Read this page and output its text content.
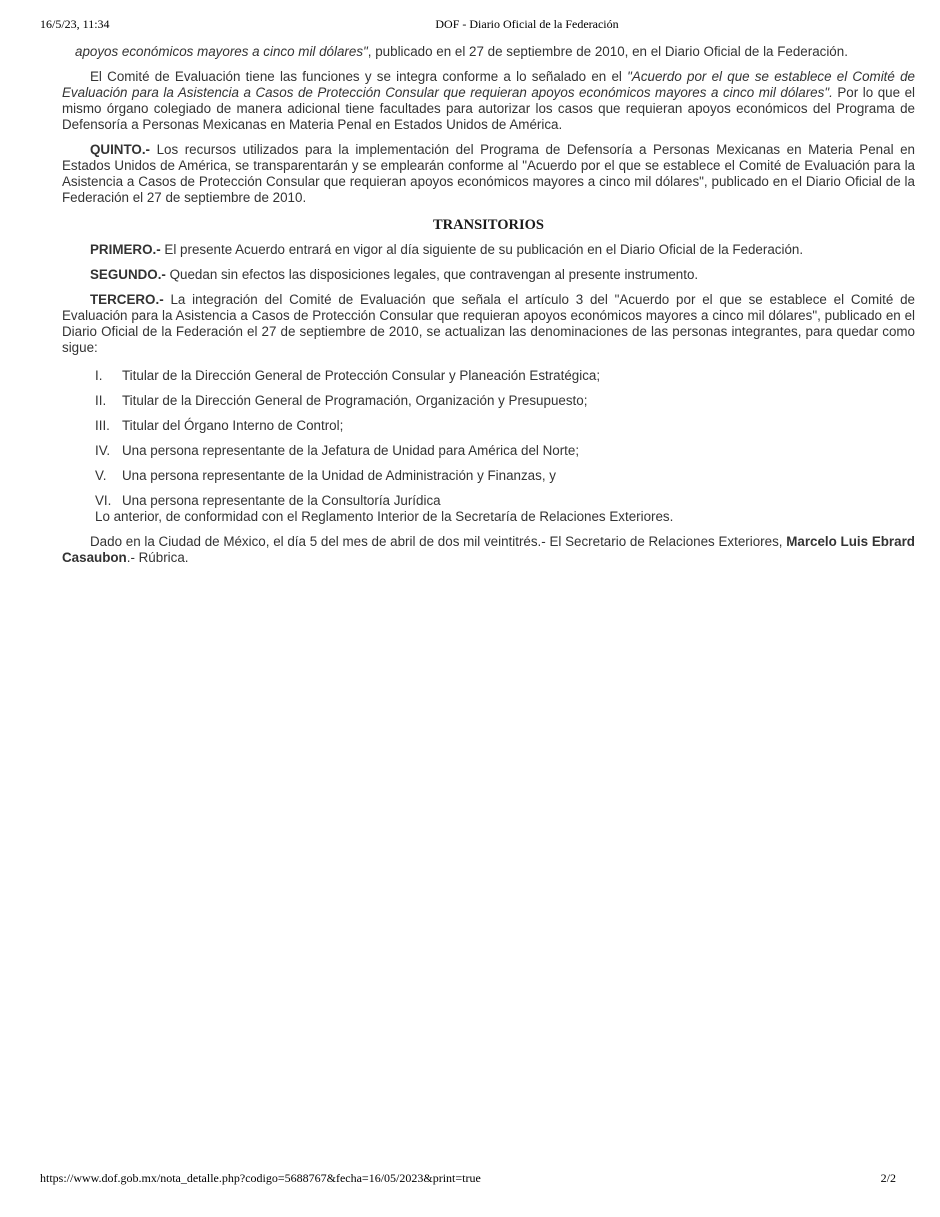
16/5/23, 11:34	DOF - Diario Oficial de la Federación

apoyos económicos mayores a cinco mil dólares", publicado en el 27 de septiembre de 2010, en el Diario Oficial de la Federación.

El Comité de Evaluación tiene las funciones y se integra conforme a lo señalado en el "Acuerdo por el que se establece el Comité de Evaluación para la Asistencia a Casos de Protección Consular que requieran apoyos económicos mayores a cinco mil dólares". Por lo que el mismo órgano colegiado de manera adicional tiene facultades para autorizar los casos que requieran apoyos económicos del Programa de Defensoría a Personas Mexicanas en Materia Penal en Estados Unidos de América.

QUINTO.- Los recursos utilizados para la implementación del Programa de Defensoría a Personas Mexicanas en Materia Penal en Estados Unidos de América, se transparentarán y se emplearán conforme al "Acuerdo por el que se establece el Comité de Evaluación para la Asistencia a Casos de Protección Consular que requieran apoyos económicos mayores a cinco mil dólares", publicado en el Diario Oficial de la Federación el 27 de septiembre de 2010.

TRANSITORIOS

PRIMERO.- El presente Acuerdo entrará en vigor al día siguiente de su publicación en el Diario Oficial de la Federación.

SEGUNDO.- Quedan sin efectos las disposiciones legales, que contravengan al presente instrumento.

TERCERO.- La integración del Comité de Evaluación que señala el artículo 3 del "Acuerdo por el que se establece el Comité de Evaluación para la Asistencia a Casos de Protección Consular que requieran apoyos económicos mayores a cinco mil dólares", publicado en el Diario Oficial de la Federación el 27 de septiembre de 2010, se actualizan las denominaciones de las personas integrantes, para quedar como sigue:

I. Titular de la Dirección General de Protección Consular y Planeación Estratégica;
II. Titular de la Dirección General de Programación, Organización y Presupuesto;
III. Titular del Órgano Interno de Control;
IV. Una persona representante de la Jefatura de Unidad para América del Norte;
V. Una persona representante de la Unidad de Administración y Finanzas, y
VI. Una persona representante de la Consultoría Jurídica
Lo anterior, de conformidad con el Reglamento Interior de la Secretaría de Relaciones Exteriores.

Dado en la Ciudad de México, el día 5 del mes de abril de dos mil veintitrés.- El Secretario de Relaciones Exteriores, Marcelo Luis Ebrard Casaubon.- Rúbrica.

https://www.dof.gob.mx/nota_detalle.php?codigo=5688767&fecha=16/05/2023&print=true	2/2
